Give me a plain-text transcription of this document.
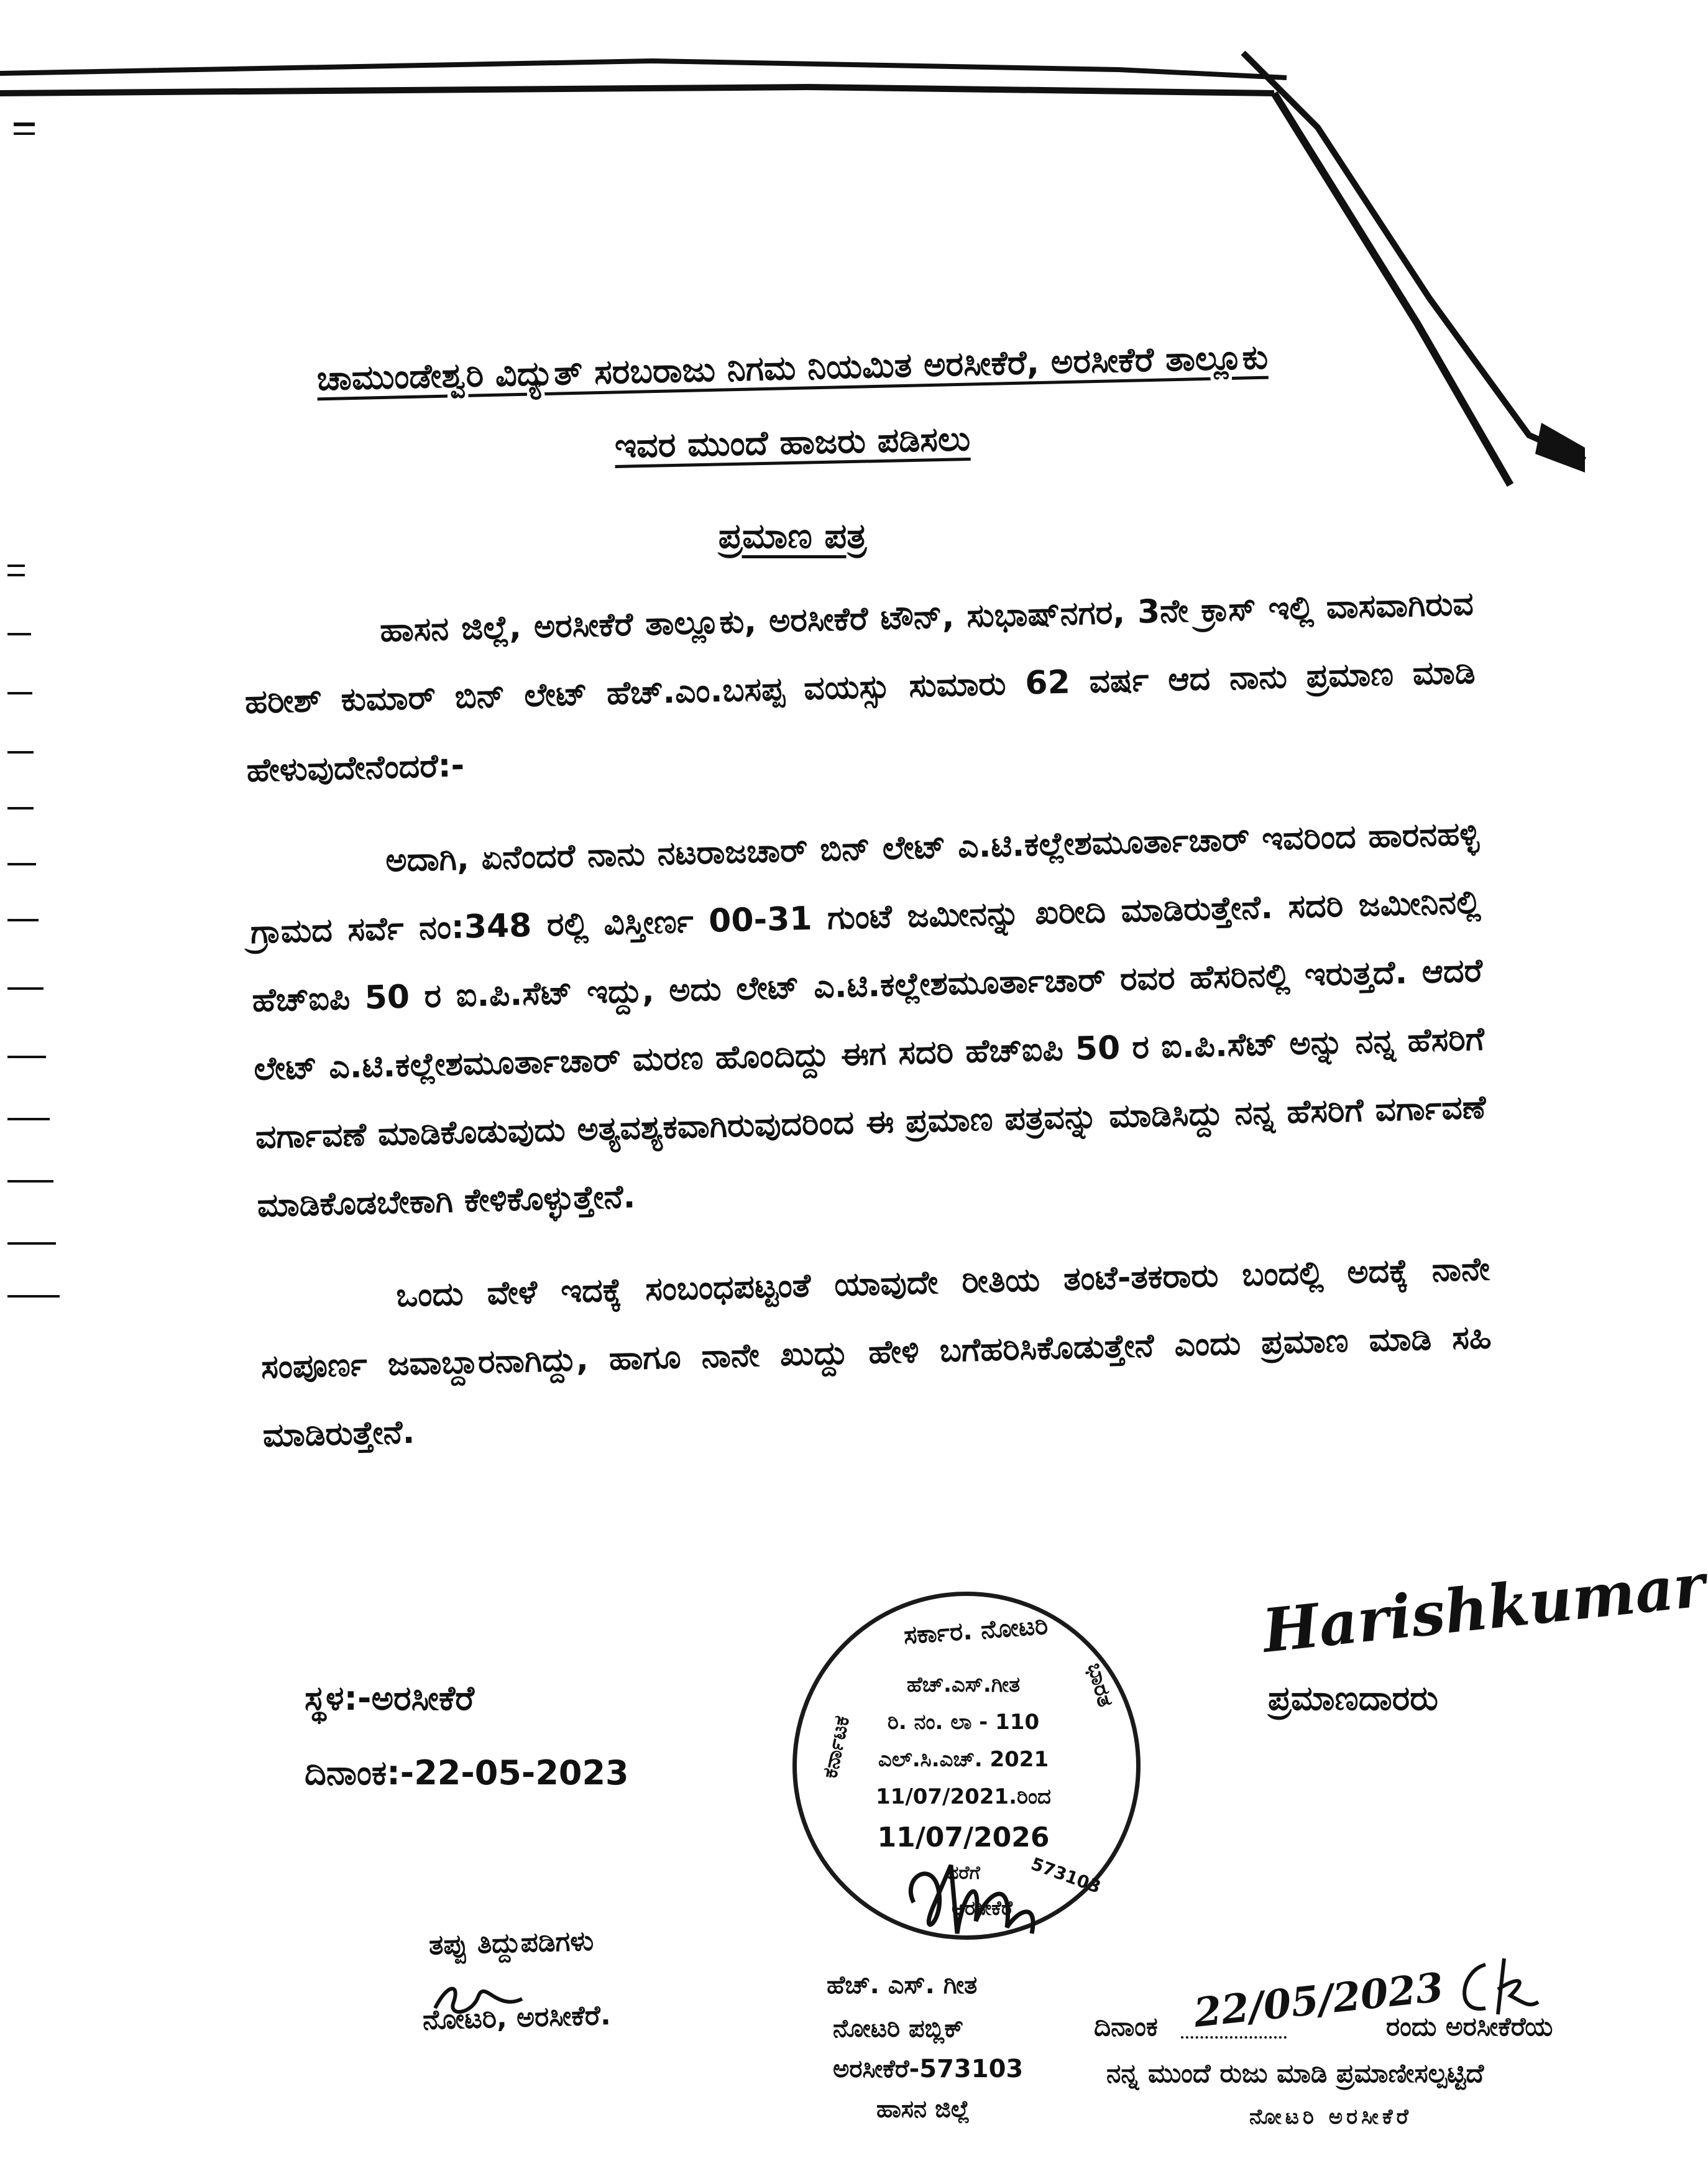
ಚಾಮುಂಡೇಶ್ವರಿ ವಿದ್ಯುತ್ ಸರಬರಾಜು ನಿಗಮ ನಿಯಮಿತ ಅರಸೀಕೆರೆ, ಅರಸೀಕೆರೆ ತಾಲ್ಲೂಕು
ಇವರ ಮುಂದೆ ಹಾಜರು ಪಡಿಸಲು
ಪ್ರಮಾಣ ಪತ್ರ

ಹಾಸನ ಜಿಲ್ಲೆ, ಅರಸೀಕೆರೆ ತಾಲ್ಲೂಕು, ಅರಸೀಕೆರೆ ಟೌನ್, ಸುಭಾಷ್‌ನಗರ, 3ನೇ ಕ್ರಾಸ್ ಇಲ್ಲಿ ವಾಸವಾಗಿರುವ ಹರೀಶ್ ಕುಮಾರ್ ಬಿನ್ ಲೇಟ್ ಹೆಚ್.ಎಂ.ಬಸಪ್ಪ ವಯಸ್ಸು ಸುಮಾರು 62 ವರ್ಷ ಆದ ನಾನು ಪ್ರಮಾಣ ಮಾಡಿ ಹೇಳುವುದೇನೆಂದರೆ:-

ಅದಾಗಿ, ಏನೆಂದರೆ ನಾನು ನಟರಾಜಚಾರ್ ಬಿನ್ ಲೇಟ್ ಎ.ಟಿ.ಕಲ್ಲೇಶಮೂರ್ತಾಚಾರ್ ಇವರಿಂದ ಹಾರನಹಳ್ಳಿ ಗ್ರಾಮದ ಸರ್ವೆ ನಂ:348 ರಲ್ಲಿ ವಿಸ್ತೀರ್ಣ 00-31 ಗುಂಟೆ ಜಮೀನನ್ನು ಖರೀದಿ ಮಾಡಿರುತ್ತೇನೆ. ಸದರಿ ಜಮೀನಿನಲ್ಲಿ ಹೆಚ್‌ಐಪಿ 50 ರ ಐ.ಪಿ.ಸೆಟ್ ಇದ್ದು, ಅದು ಲೇಟ್ ಎ.ಟಿ.ಕಲ್ಲೇಶಮೂರ್ತಾಚಾರ್ ರವರ ಹೆಸರಿನಲ್ಲಿ ಇರುತ್ತದೆ. ಆದರೆ ಲೇಟ್ ಎ.ಟಿ.ಕಲ್ಲೇಶಮೂರ್ತಾಚಾರ್ ಮರಣ ಹೊಂದಿದ್ದು ಈಗ ಸದರಿ ಹೆಚ್‌ಐಪಿ 50 ರ ಐ.ಪಿ.ಸೆಟ್ ಅನ್ನು ನನ್ನ ಹೆಸರಿಗೆ ವರ್ಗಾವಣೆ ಮಾಡಿಕೊಡುವುದು ಅತ್ಯವಶ್ಯಕವಾಗಿರುವುದರಿಂದ ಈ ಪ್ರಮಾಣ ಪತ್ರವನ್ನು ಮಾಡಿಸಿದ್ದು ನನ್ನ ಹೆಸರಿಗೆ ವರ್ಗಾವಣೆ ಮಾಡಿಕೊಡಬೇಕಾಗಿ ಕೇಳಿಕೊಳ್ಳುತ್ತೇನೆ.

ಒಂದು ವೇಳೆ ಇದಕ್ಕೆ ಸಂಬಂಧಪಟ್ಟಂತೆ ಯಾವುದೇ ರೀತಿಯ ತಂಟೆ-ತಕರಾರು ಬಂದಲ್ಲಿ ಅದಕ್ಕೆ ನಾನೇ ಸಂಪೂರ್ಣ ಜವಾಬ್ದಾರನಾಗಿದ್ದು, ಹಾಗೂ ನಾನೇ ಖುದ್ದು ಹೇಳಿ ಬಗೆಹರಿಸಿಕೊಡುತ್ತೇನೆ ಎಂದು ಪ್ರಮಾಣ ಮಾಡಿ ಸಹಿ ಮಾಡಿರುತ್ತೇನೆ.

ಸ್ಥಳ:-ಅರಸೀಕೆರೆ
ದಿನಾಂಕ:-22-05-2023
Harishkumar
ಪ್ರಮಾಣದಾರರು
ಸರ್ಕಾರ. ನೋಟರಿ
ಕರ್ನಾಟಕ
ಭಾರತ
ಅರಸೀಕೆರೆ
ಹೆಚ್.ಎಸ್.ಗೀತ
ರಿ. ನಂ. ಲಾ - 110
ಎಲ್.ಸಿ.ಎಚ್. 2021
11/07/2021.ರಿಂದ
11/07/2026
ವರೆಗೆ	573103
ತಪ್ಪು ತಿದ್ದುಪಡಿಗಳು
ನೋಟರಿ, ಅರಸೀಕೆರೆ.
ಹೆಚ್. ಎಸ್. ಗೀತ
ನೋಟರಿ ಪಬ್ಲಿಕ್
ಅರಸೀಕೆರೆ-573103
ಹಾಸನ ಜಿಲ್ಲೆ
ದಿನಾಂಕ 22/05/2023
ರಂದು ಅರಸೀಕೆರೆಯ
ನನ್ನ ಮುಂದೆ ರುಜು ಮಾಡಿ ಪ್ರಮಾಣೀಸಲ್ಪಟ್ಟಿದೆ
ನೋಟರಿ ಅರಸೀಕೆರೆ
